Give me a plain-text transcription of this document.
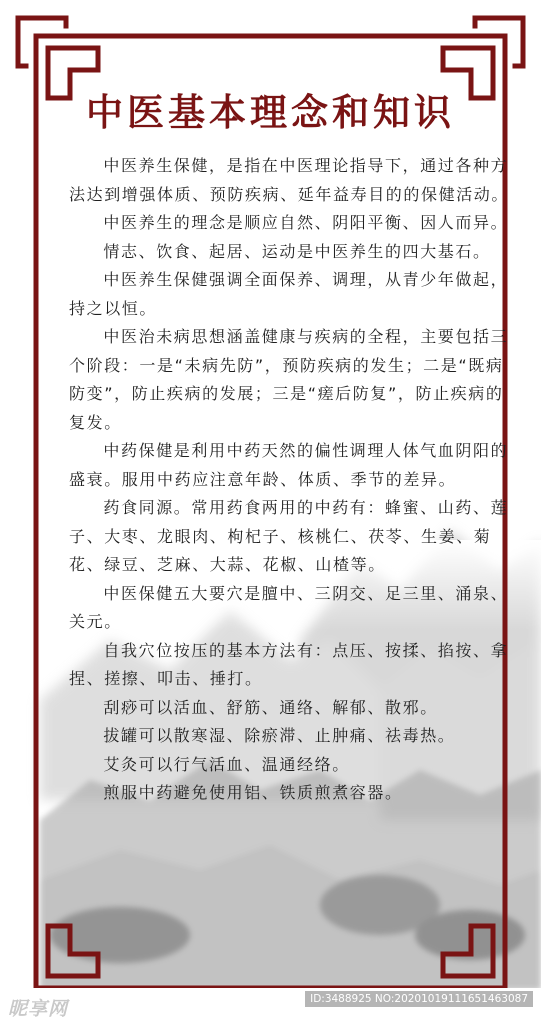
中医基本理念和知识

中医养生保健，是指在中医理论指导下，通过各种方法达到增强体质、预防疾病、延年益寿目的的保健活动。

中医养生的理念是顺应自然、阴阳平衡、因人而异。

情志、饮食、起居、运动是中医养生的四大基石。

中医养生保健强调全面保养、调理，从青少年做起，持之以恒。

中医治未病思想涵盖健康与疾病的全程，主要包括三个阶段：一是“未病先防”，预防疾病的发生；二是“既病防变”，防止疾病的发展；三是“瘥后防复”，防止疾病的复发。

中药保健是利用中药天然的偏性调理人体气血阴阳的盛衰。服用中药应注意年龄、体质、季节的差异。

药食同源。常用药食两用的中药有：蜂蜜、山药、莲子、大枣、龙眼肉、枸杞子、核桃仁、茯苓、生姜、菊花、绿豆、芝麻、大蒜、花椒、山楂等。

中医保健五大要穴是膻中、三阴交、足三里、涌泉、关元。

自我穴位按压的基本方法有：点压、按揉、掐按、拿捏、搓擦、叩击、捶打。

刮痧可以活血、舒筋、通络、解郁、散邪。

拔罐可以散寒湿、除瘀滞、止肿痛、祛毒热。

艾灸可以行气活血、温通经络。

煎服中药避免使用铝、铁质煎煮容器。

昵享网	ID:3488925 NO:20201019111651463087
